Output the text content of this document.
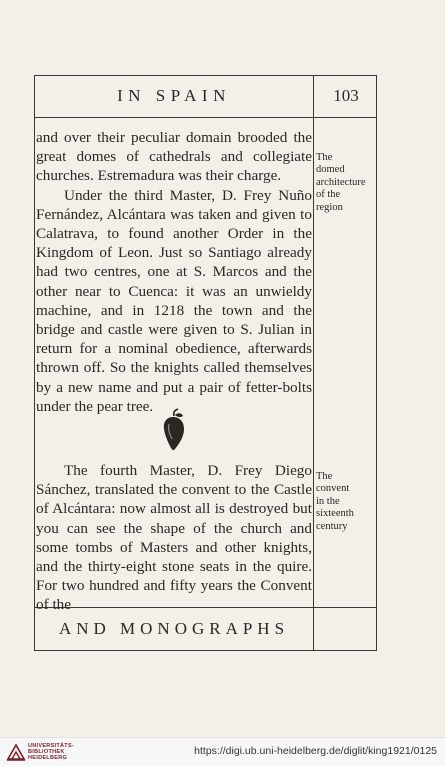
IN SPAIN	103
and over their peculiar domain brooded the great domes of cathedrals and collegiate churches. Estremadura was their charge.
Under the third Master, D. Frey Nuño Fernández, Alcántara was taken and given to Calatrava, to found another Order in the Kingdom of Leon. Just so Santiago already had two centres, one at S. Marcos and the other near to Cuenca: it was an unwieldy machine, and in 1218 the town and the bridge and castle were given to S. Julian in return for a nominal obedience, afterwards thrown off. So the knights called themselves by a new name and put a pair of fetter-bolts under the pear tree.
The
domed
architecture
of the
region
The fourth Master, D. Frey Diego Sánchez, translated the convent to the Castle of Alcántara: now almost all is destroyed but you can see the shape of the church and some tombs of Masters and other knights, and the thirty-eight stone seats in the quire. For two hundred and fifty years the Convent of the
The
convent
in the
sixteenth
century
AND MONOGRAPHS
UNIVERSITÄTS-
BIBLIOTHEK
HEIDELBERG
https://digi.ub.uni-heidelberg.de/diglit/king1921/0125
